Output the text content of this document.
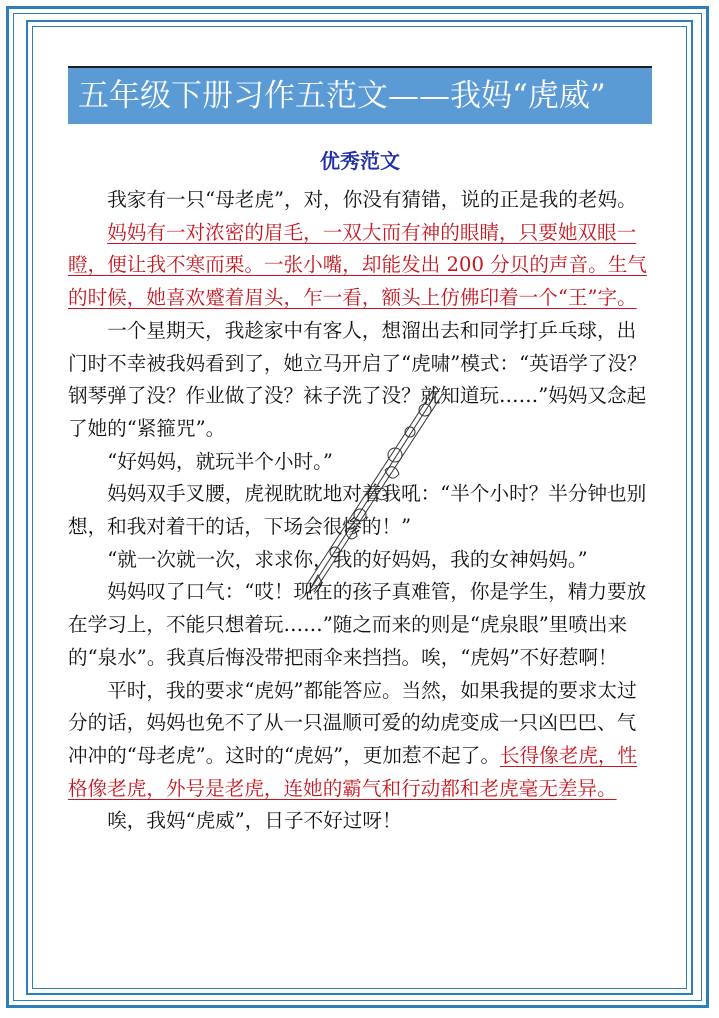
五年级下册习作五范文——我妈“虎威”
优秀范文

我家有一只“母老虎”，对，你没有猜错，说的正是我的老妈。

妈妈有一对浓密的眉毛，一双大而有神的眼睛，只要她双眼一瞪，便让我不寒而栗。一张小嘴，却能发出 200 分贝的声音。生气的时候，她喜欢蹙着眉头，乍一看，额头上仿佛印着一个“王”字。

一个星期天，我趁家中有客人，想溜出去和同学打乒乓球，出门时不幸被我妈看到了，她立马开启了“虎啸”模式：“英语学了没？钢琴弹了没？作业做了没？袜子洗了没？就知道玩……”妈妈又念起了她的“紧箍咒”。

“好妈妈，就玩半个小时。”

妈妈双手叉腰，虎视眈眈地对着我吼：“半个小时？半分钟也别想，和我对着干的话，下场会很惨的！”

“就一次就一次，求求你，我的好妈妈，我的女神妈妈。”

妈妈叹了口气：“哎！现在的孩子真难管，你是学生，精力要放在学习上，不能只想着玩……”随之而来的则是“虎泉眼”里喷出来的“泉水”。我真后悔没带把雨伞来挡挡。唉，“虎妈”不好惹啊！

平时，我的要求“虎妈”都能答应。当然，如果我提的要求太过分的话，妈妈也免不了从一只温顺可爱的幼虎变成一只凶巴巴、气冲冲的“母老虎”。这时的“虎妈”，更加惹不起了。长得像老虎，性格像老虎，外号是老虎，连她的霸气和行动都和老虎毫无差异。

唉，我妈“虎威”，日子不好过呀！
